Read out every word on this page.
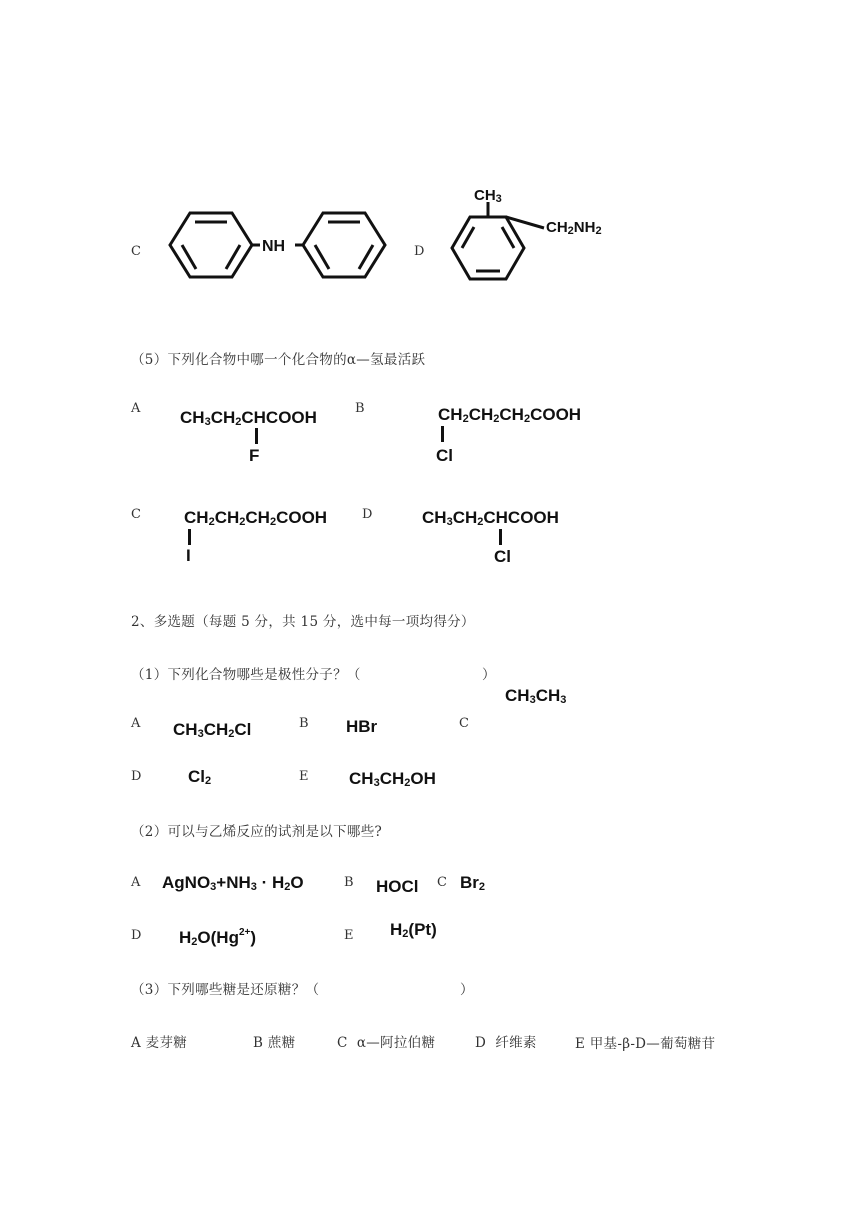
C	NH	D
CH3
CH2NH2
（5）下列化合物中哪一个化合物的α—氢最活跃
A $CH_3CH_2CHCOOH$
F
B	$CH_2CH_2CH_2COOH$
Cl
C	$CH_2CH_2CH_2COOH$
I
D	$CH_3CH_2CHCOOH$
Cl
2、多选题（每题 5 分，共 15 分，选中每一项均得分）
（1）下列化合物哪些是极性分子？（	）
A $CH_3CH_2Cl$	B HBr	C
$CH_3CH_3$
D	$Cl_2$	E $CH_3CH_2OH$
（2）可以与乙烯反应的试剂是以下哪些?
A $AgNO_3+NH_3 \cdot H_2O$	B HOCl C $Br_2$
D $H_2O(Hg^{2+})$	E $H_2(Pt)$
（3）下列哪些糖是还原糖？（	）
A 麦芽糖	B 蔗糖	C α—阿拉伯糖	D 纤维素	E 甲基-β-D—葡萄糖苷
